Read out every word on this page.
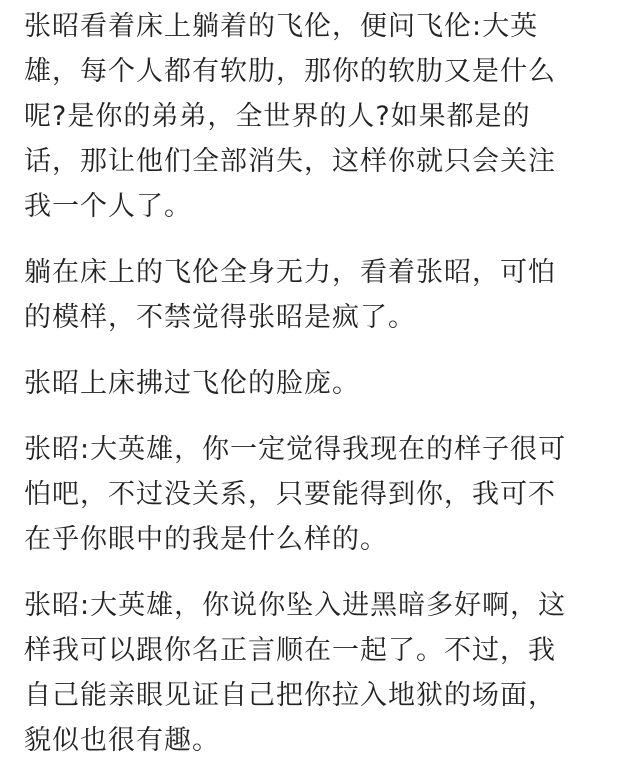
张昭看着床上躺着的飞伦，便问飞伦:大英
雄，每个人都有软肋，那你的软肋又是什么
呢?是你的弟弟，全世界的人?如果都是的
话，那让他们全部消失，这样你就只会关注
我一个人了。

躺在床上的飞伦全身无力，看着张昭，可怕
的模样，不禁觉得张昭是疯了。

张昭上床拂过飞伦的脸庞。

张昭:大英雄，你一定觉得我现在的样子很可
怕吧，不过没关系，只要能得到你，我可不
在乎你眼中的我是什么样的。

张昭:大英雄，你说你坠入进黑暗多好啊，这
样我可以跟你名正言顺在一起了。不过，我
自己能亲眼见证自己把你拉入地狱的场面，
貌似也很有趣。
